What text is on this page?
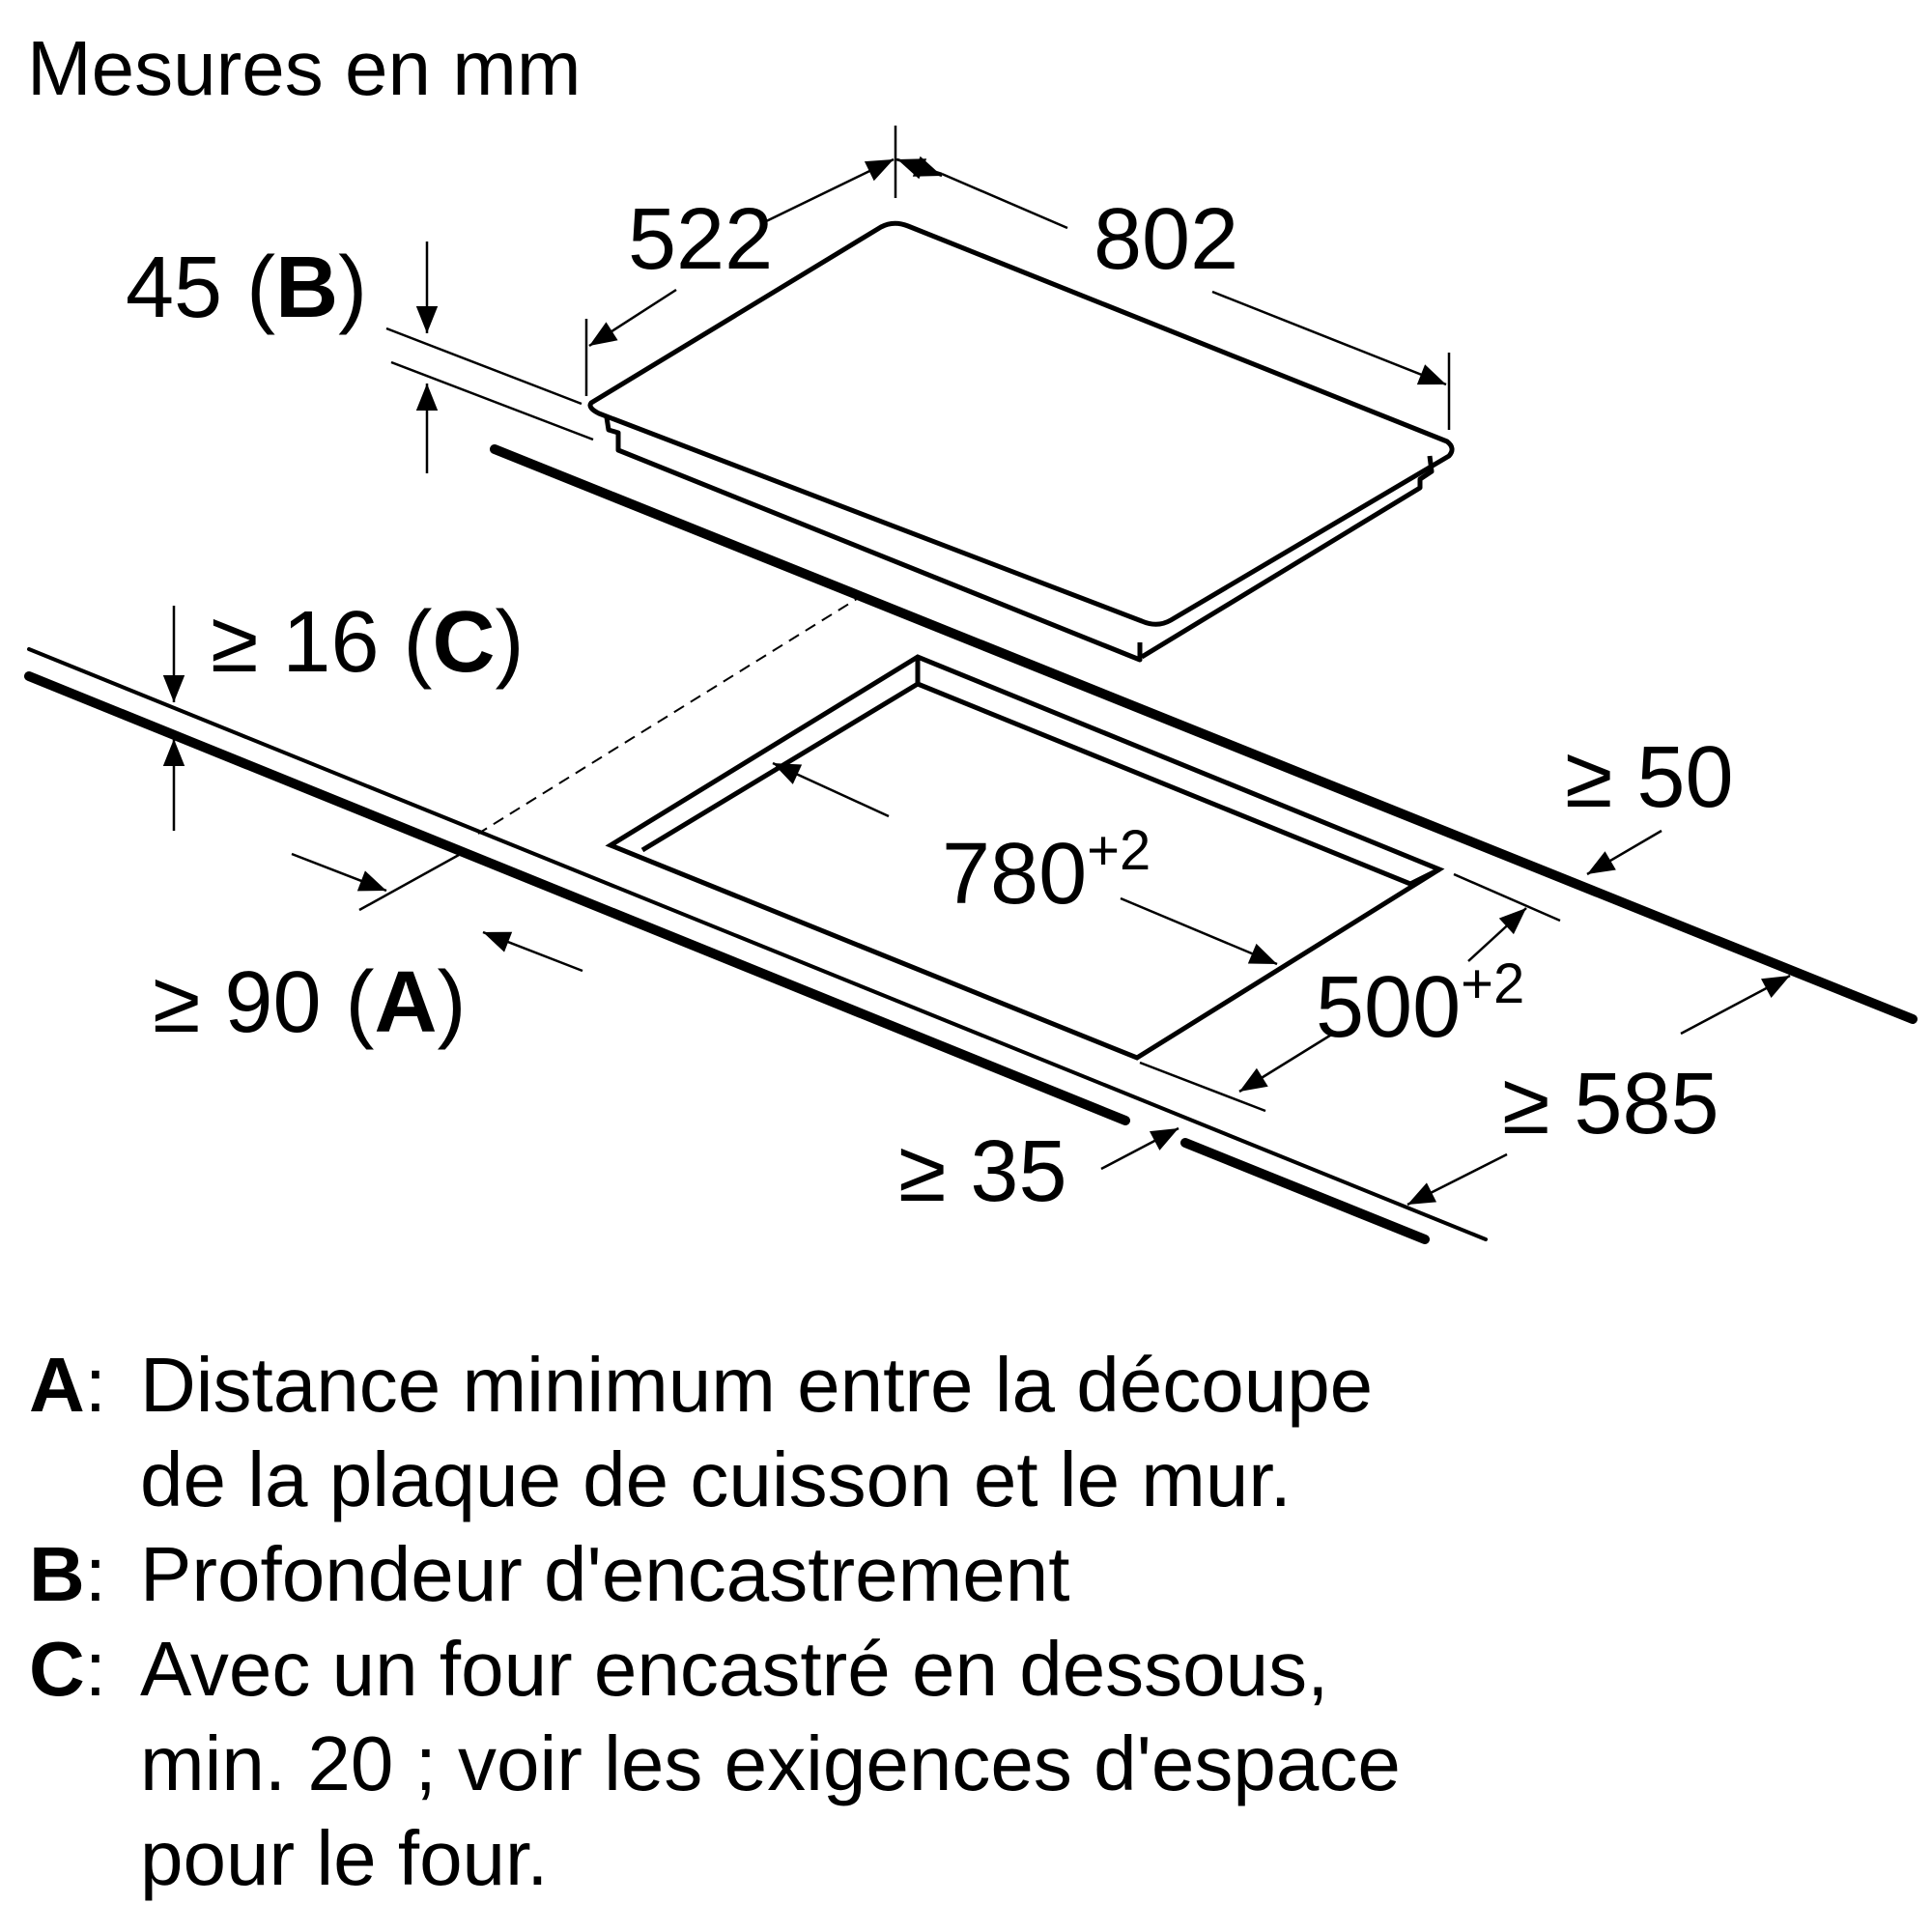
Mesures en mm
522	802
45 (B)
$780^{+2}$
$500^{+2}$
≥ 50
≥ 16 (C)
≥ 90 (A)
≥ 35
≥ 585
A: Distance minimum entre la découpe
de la plaque de cuisson et le mur.
B: Profondeur d'encastrement
C: Avec un four encastré en dessous,
min. 20 ; voir les exigences d'espace
pour le four.
